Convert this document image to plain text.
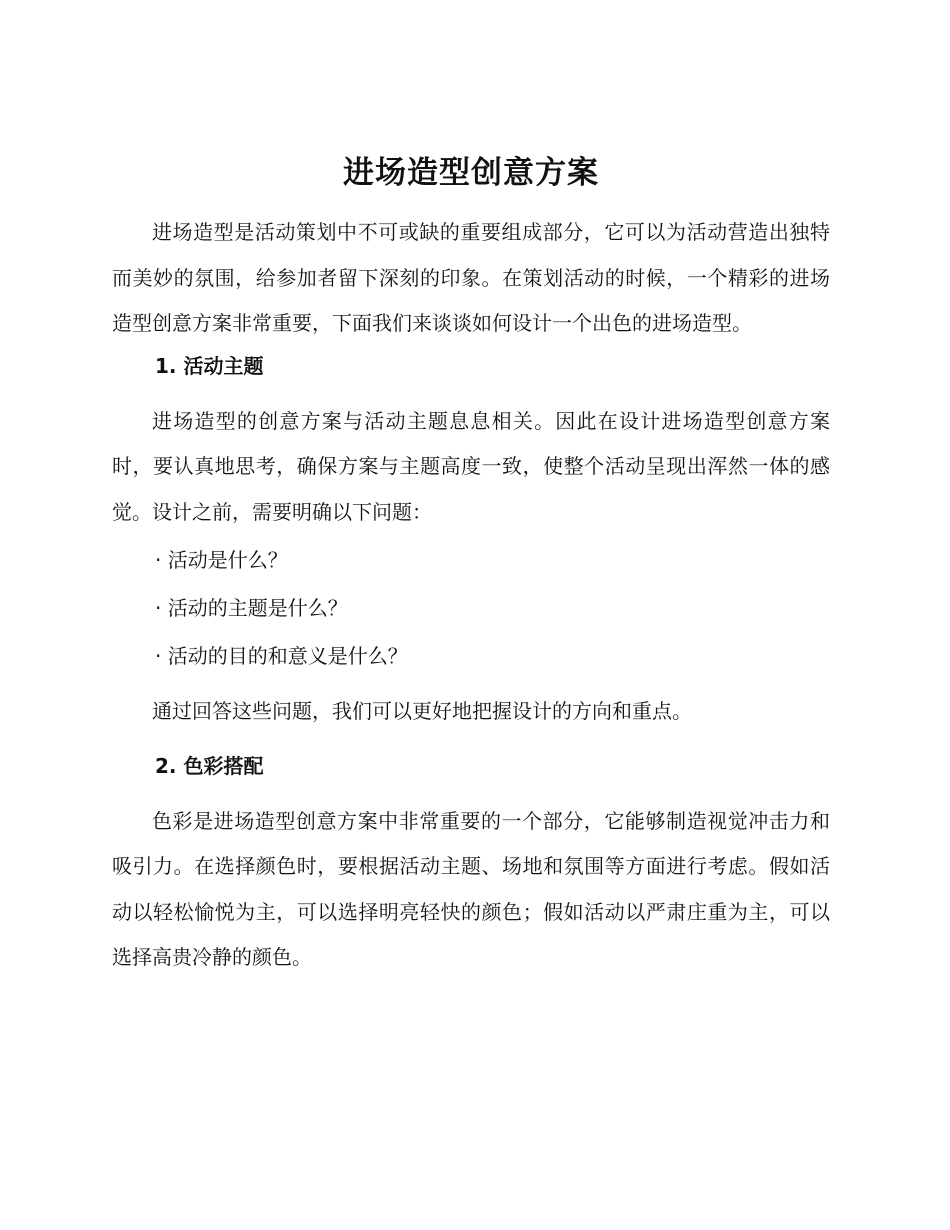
进场造型创意方案

进场造型是活动策划中不可或缺的重要组成部分，它可以为活动营造出独特而美妙的氛围，给参加者留下深刻的印象。在策划活动的时候，一个精彩的进场造型创意方案非常重要，下面我们来谈谈如何设计一个出色的进场造型。

1. 活动主题

进场造型的创意方案与活动主题息息相关。因此在设计进场造型创意方案时，要认真地思考，确保方案与主题高度一致，使整个活动呈现出浑然一体的感觉。设计之前，需要明确以下问题：

· 活动是什么？
· 活动的主题是什么？
· 活动的目的和意义是什么？

通过回答这些问题，我们可以更好地把握设计的方向和重点。

2. 色彩搭配

色彩是进场造型创意方案中非常重要的一个部分，它能够制造视觉冲击力和吸引力。在选择颜色时，要根据活动主题、场地和氛围等方面进行考虑。假如活动以轻松愉悦为主，可以选择明亮轻快的颜色；假如活动以严肃庄重为主，可以选择高贵冷静的颜色。
